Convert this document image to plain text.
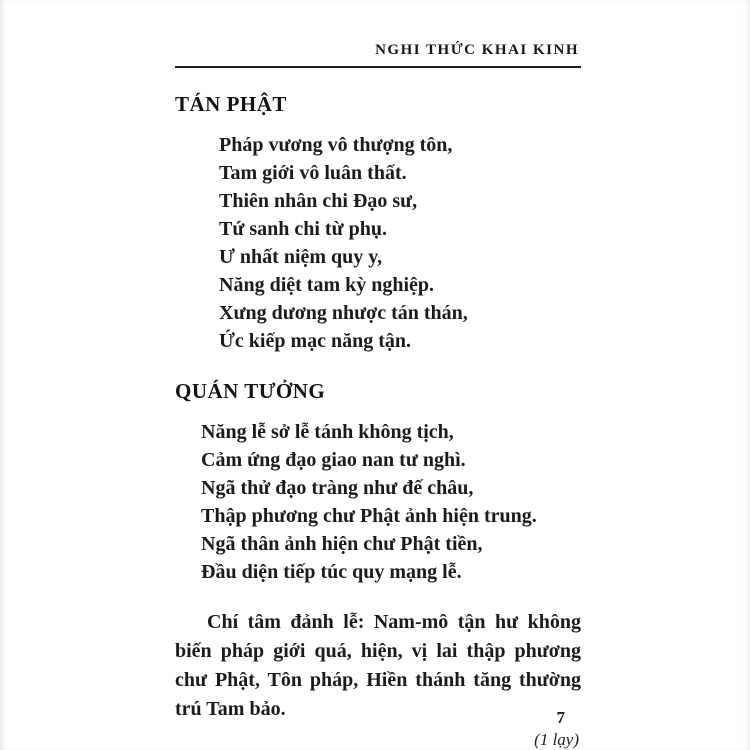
NGHI THỨC KHAI KINH
TÁN PHẬT
Pháp vương vô thượng tôn,
Tam giới vô luân thất.
Thiên nhân chi Đạo sư,
Tứ sanh chi từ phụ.
Ư nhất niệm quy y,
Năng diệt tam kỳ nghiệp.
Xưng dương nhược tán thán,
Ức kiếp mạc năng tận.
QUÁN TƯỞNG
Năng lễ sở lễ tánh không tịch,
Cảm ứng đạo giao nan tư nghì.
Ngã thử đạo tràng như đế châu,
Thập phương chư Phật ảnh hiện trung.
Ngã thân ảnh hiện chư Phật tiền,
Đầu diện tiếp túc quy mạng lễ.

Chí tâm đảnh lễ: Nam-mô tận hư không biến pháp giới quá, hiện, vị lai thập phương chư Phật, Tôn pháp, Hiền thánh tăng thường trú Tam bảo.

(1 lạy)
7
